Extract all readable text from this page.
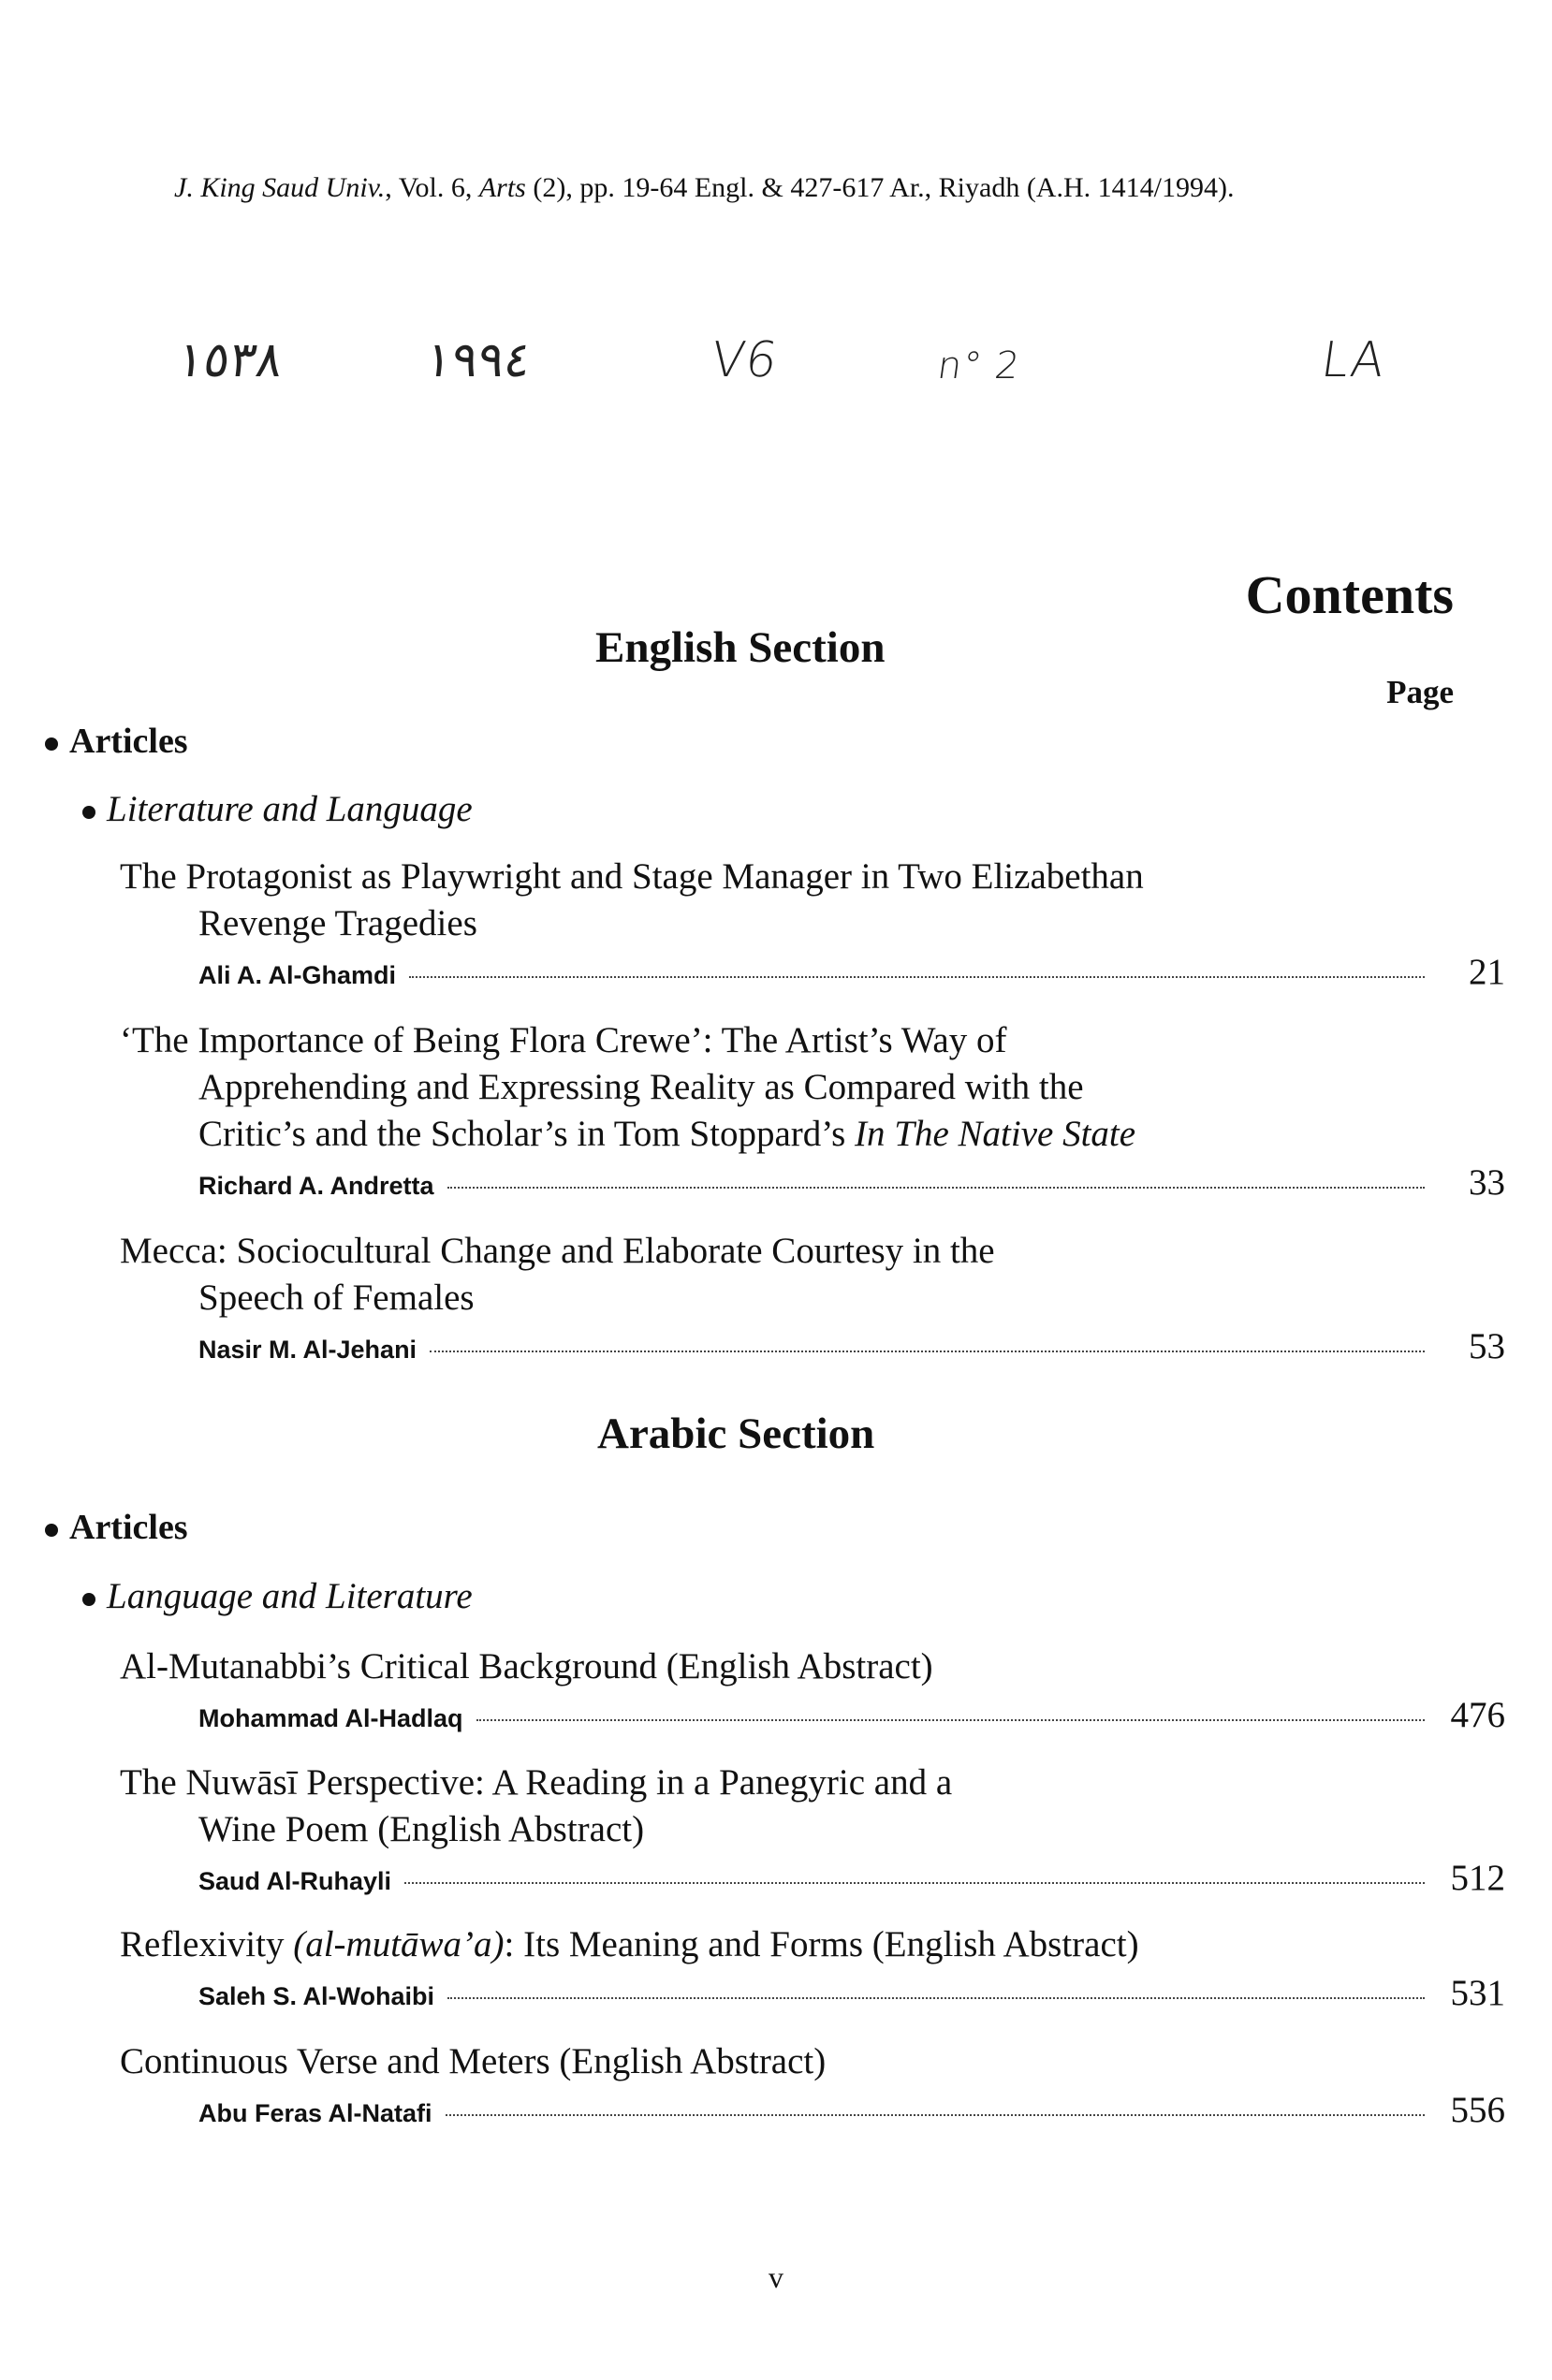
J. King Saud Univ., Vol. 6, Arts (2), pp. 19-64 Engl. & 427-617 Ar., Riyadh (A.H. 1414/1994).
١٥٣٨	١٩٩٤	V6	n° 2	LA
Contents
English Section
Page
Articles
Literature and Language
The Protagonist as Playwright and Stage Manager in Two Elizabethan
Revenge Tragedies
Ali A. Al-Ghamdi	21
‘The Importance of Being Flora Crewe’: The Artist’s Way of
Apprehending and Expressing Reality as Compared with the
Critic’s and the Scholar’s in Tom Stoppard’s In The Native State
Richard A. Andretta	33
Mecca: Sociocultural Change and Elaborate Courtesy in the
Speech of Females
Nasir M. Al-Jehani	53
Arabic Section
Articles
Language and Literature
Al-Mutanabbi’s Critical Background (English Abstract)
Mohammad Al-Hadlaq	476
The Nuwāsī Perspective: A Reading in a Panegyric and a
Wine Poem (English Abstract)
Saud Al-Ruhayli	512
Reflexivity (al-mutāwa’a): Its Meaning and Forms (English Abstract)
Saleh S. Al-Wohaibi	531
Continuous Verse and Meters (English Abstract)
Abu Feras Al-Natafi	556
v
